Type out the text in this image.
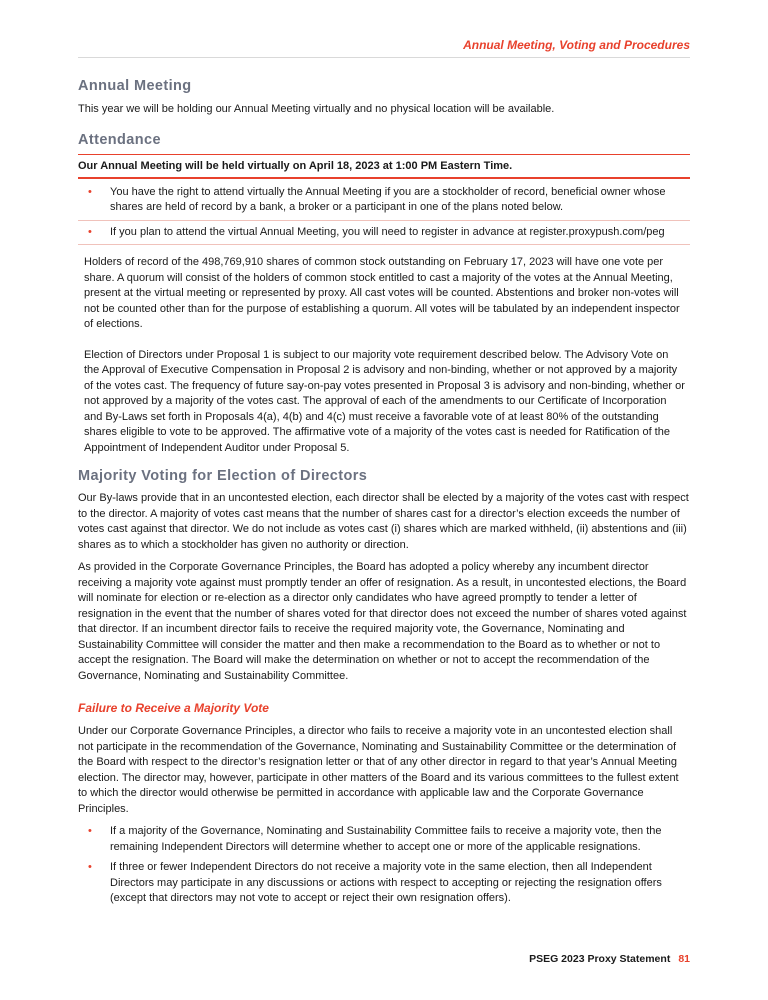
Annual Meeting, Voting and Procedures
Annual Meeting

This year we will be holding our Annual Meeting virtually and no physical location will be available.

Attendance
Our Annual Meeting will be held virtually on April 18, 2023 at 1:00 PM Eastern Time.
• You have the right to attend virtually the Annual Meeting if you are a stockholder of record, beneficial owner whose shares are held of record by a bank, a broker or a participant in one of the plans noted below.
• If you plan to attend the virtual Annual Meeting, you will need to register in advance at register.proxypush.com/peg

Holders of record of the 498,769,910 shares of common stock outstanding on February 17, 2023 will have one vote per share. A quorum will consist of the holders of common stock entitled to cast a majority of the votes at the Annual Meeting, present at the virtual meeting or represented by proxy. All cast votes will be counted. Abstentions and broker non-votes will not be counted other than for the purpose of establishing a quorum. All votes will be tabulated by an independent inspector of elections.

Election of Directors under Proposal 1 is subject to our majority vote requirement described below. The Advisory Vote on the Approval of Executive Compensation in Proposal 2 is advisory and non-binding, whether or not approved by a majority of the votes cast. The frequency of future say-on-pay votes presented in Proposal 3 is advisory and non-binding, whether or not approved by a majority of the votes cast. The approval of each of the amendments to our Certificate of Incorporation and By-Laws set forth in Proposals 4(a), 4(b) and 4(c) must receive a favorable vote of at least 80% of the outstanding shares eligible to vote to be approved. The affirmative vote of a majority of the votes cast is needed for Ratification of the Appointment of Independent Auditor under Proposal 5.

Majority Voting for Election of Directors

Our By-laws provide that in an uncontested election, each director shall be elected by a majority of the votes cast with respect to the director. A majority of votes cast means that the number of shares cast for a director’s election exceeds the number of votes cast against that director. We do not include as votes cast (i) shares which are marked withheld, (ii) abstentions and (iii) shares as to which a stockholder has given no authority or direction.

As provided in the Corporate Governance Principles, the Board has adopted a policy whereby any incumbent director receiving a majority vote against must promptly tender an offer of resignation. As a result, in uncontested elections, the Board will nominate for election or re-election as a director only candidates who have agreed promptly to tender a letter of resignation in the event that the number of shares voted for that director does not exceed the number of shares voted against that director. If an incumbent director fails to receive the required majority vote, the Governance, Nominating and Sustainability Committee will consider the matter and then make a recommendation to the Board as to whether or not to accept the resignation. The Board will make the determination on whether or not to accept the recommendation of the Governance, Nominating and Sustainability Committee.

Failure to Receive a Majority Vote

Under our Corporate Governance Principles, a director who fails to receive a majority vote in an uncontested election shall not participate in the recommendation of the Governance, Nominating and Sustainability Committee or the determination of the Board with respect to the director’s resignation letter or that of any other director in regard to that year’s Annual Meeting election. The director may, however, participate in other matters of the Board and its various committees to the fullest extent to which the director would otherwise be permitted in accordance with applicable law and the Corporate Governance Principles.

• If a majority of the Governance, Nominating and Sustainability Committee fails to receive a majority vote, then the remaining Independent Directors will determine whether to accept one or more of the applicable resignations.
• If three or fewer Independent Directors do not receive a majority vote in the same election, then all Independent Directors may participate in any discussions or actions with respect to accepting or rejecting the resignation offers (except that directors may not vote to accept or reject their own resignation offers).
PSEG 2023 Proxy Statement 81
